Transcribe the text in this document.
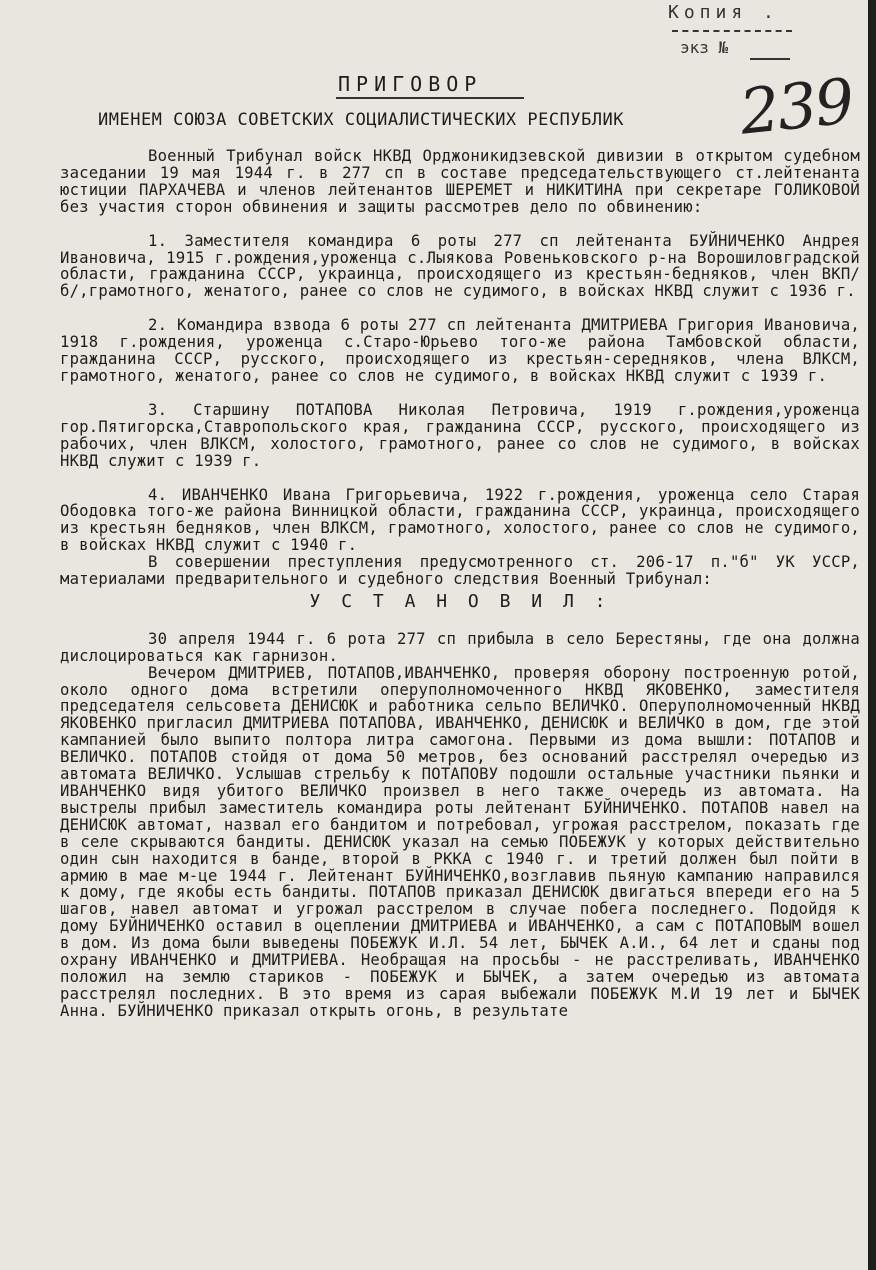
Копия .
экз №
239
ПРИГОВОР
ИМЕНЕМ СОЮЗА СОВЕТСКИХ СОЦИАЛИСТИЧЕСКИХ РЕСПУБЛИК

Военный Трибунал войск НКВД Орджоникидзевской дивизии в открытом судебном заседании 19 мая 1944 г. в 277 сп в составе председательствующего ст.лейтенанта юстиции ПАРХАЧЕВА и членов лейтенантов ШЕРЕМЕТ и НИКИТИНА при секретаре ГОЛИКОВОЙ без участия сторон обвинения и защиты рассмотрев дело по обвинению:

1. Заместителя командира 6 роты 277 сп лейтенанта БУЙНИЧЕНКО Андрея Ивановича, 1915 г.рождения,уроженца с.Лыякова Ровеньковского р-на Ворошиловградской области, гражданина СССР, украинца, происходящего из крестьян-бедняков, член ВКП/б/,грамотного, женатого, ранее со слов не судимого, в войсках НКВД служит с 1936 г.

2. Командира взвода 6 роты 277 сп лейтенанта ДМИТРИЕВА Григория Ивановича, 1918 г.рождения, уроженца с.Старо-Юрьево того-же района Тамбовской области, гражданина СССР, русского, происходящего из крестьян-середняков, члена ВЛКСМ, грамотного, женатого, ранее со слов не судимого, в войсках НКВД служит с 1939 г.

3. Старшину ПОТАПОВА Николая Петровича, 1919 г.рождения,уроженца гор.Пятигорска,Ставропольского края, гражданина СССР, русского, происходящего из рабочих, член ВЛКСМ, холостого, грамотного, ранее со слов не судимого, в войсках НКВД служит с 1939 г.

4. ИВАНЧЕНКО Ивана Григорьевича, 1922 г.рождения, уроженца село Старая Ободовка того-же района Винницкой области, гражданина СССР, украинца, происходящего из крестьян бедняков, член ВЛКСМ, грамотного, холостого, ранее со слов не судимого, в войсках НКВД служит с 1940 г.

В совершении преступления предусмотренного ст. 206-17 п."б" УК УССР, материалами предварительного и судебного следствия Военный Трибунал:

У С Т А Н О В И Л :

30 апреля 1944 г. 6 рота 277 сп прибыла в село Берестяны, где она должна дислоцироваться как гарнизон.

Вечером ДМИТРИЕВ, ПОТАПОВ,ИВАНЧЕНКО, проверяя оборону построенную ротой, около одного дома встретили оперуполномоченного НКВД ЯКОВЕНКО, заместителя председателя сельсовета ДЕНИСЮК и работника сельпо ВЕЛИЧКО. Оперуполномоченный НКВД ЯКОВЕНКО пригласил ДМИТРИЕВА ПОТАПОВА, ИВАНЧЕНКО, ДЕНИСЮК и ВЕЛИЧКО в дом, где этой кампанией было выпито полтора литра самогона. Первыми из дома вышли: ПОТАПОВ и ВЕЛИЧКО. ПОТАПОВ стойдя от дома 50 метров, без оснований расстрелял очередью из автомата ВЕЛИЧКО. Услышав стрельбу к ПОТАПОВУ подошли остальные участники пьянки и ИВАНЧЕНКО видя убитого ВЕЛИЧКО произвел в него также очередь из автомата. На выстрелы прибыл заместитель командира роты лейтенант БУЙНИЧЕНКО. ПОТАПОВ навел на ДЕНИСЮК автомат, назвал его бандитом и потребовал, угрожая расстрелом, показать где в селе скрываются бандиты. ДЕНИСЮК указал на семью ПОБЕЖУК у которых действительно один сын находится в банде, второй в РККА с 1940 г. и третий должен был пойти в армию в мае м-це 1944 г. Лейтенант БУЙНИЧЕНКО,возглавив пьяную кампанию направился к дому, где якобы есть бандиты. ПОТАПОВ приказал ДЕНИСЮК двигаться впереди его на 5 шагов, навел автомат и угрожал расстрелом в случае побега последнего. Подойдя к дому БУЙНИЧЕНКО оставил в оцеплении ДМИТРИЕВА и ИВАНЧЕНКО, а сам с ПОТАПОВЫМ вошел в дом. Из дома были выведены ПОБЕЖУК И.Л. 54 лет, БЫЧЕК А.И., 64 лет и сданы под охрану ИВАНЧЕНКО и ДМИТРИЕВА. Необращая на просьбы - не расстреливать, ИВАНЧЕНКО положил на землю стариков - ПОБЕЖУК и БЫЧЕК, а затем очередью из автомата расстрелял последних. В это время из сарая выбежали ПОБЕЖУК М.И 19 лет и БЫЧЕК Анна. БУЙНИЧЕНКО приказал открыть огонь, в результате
